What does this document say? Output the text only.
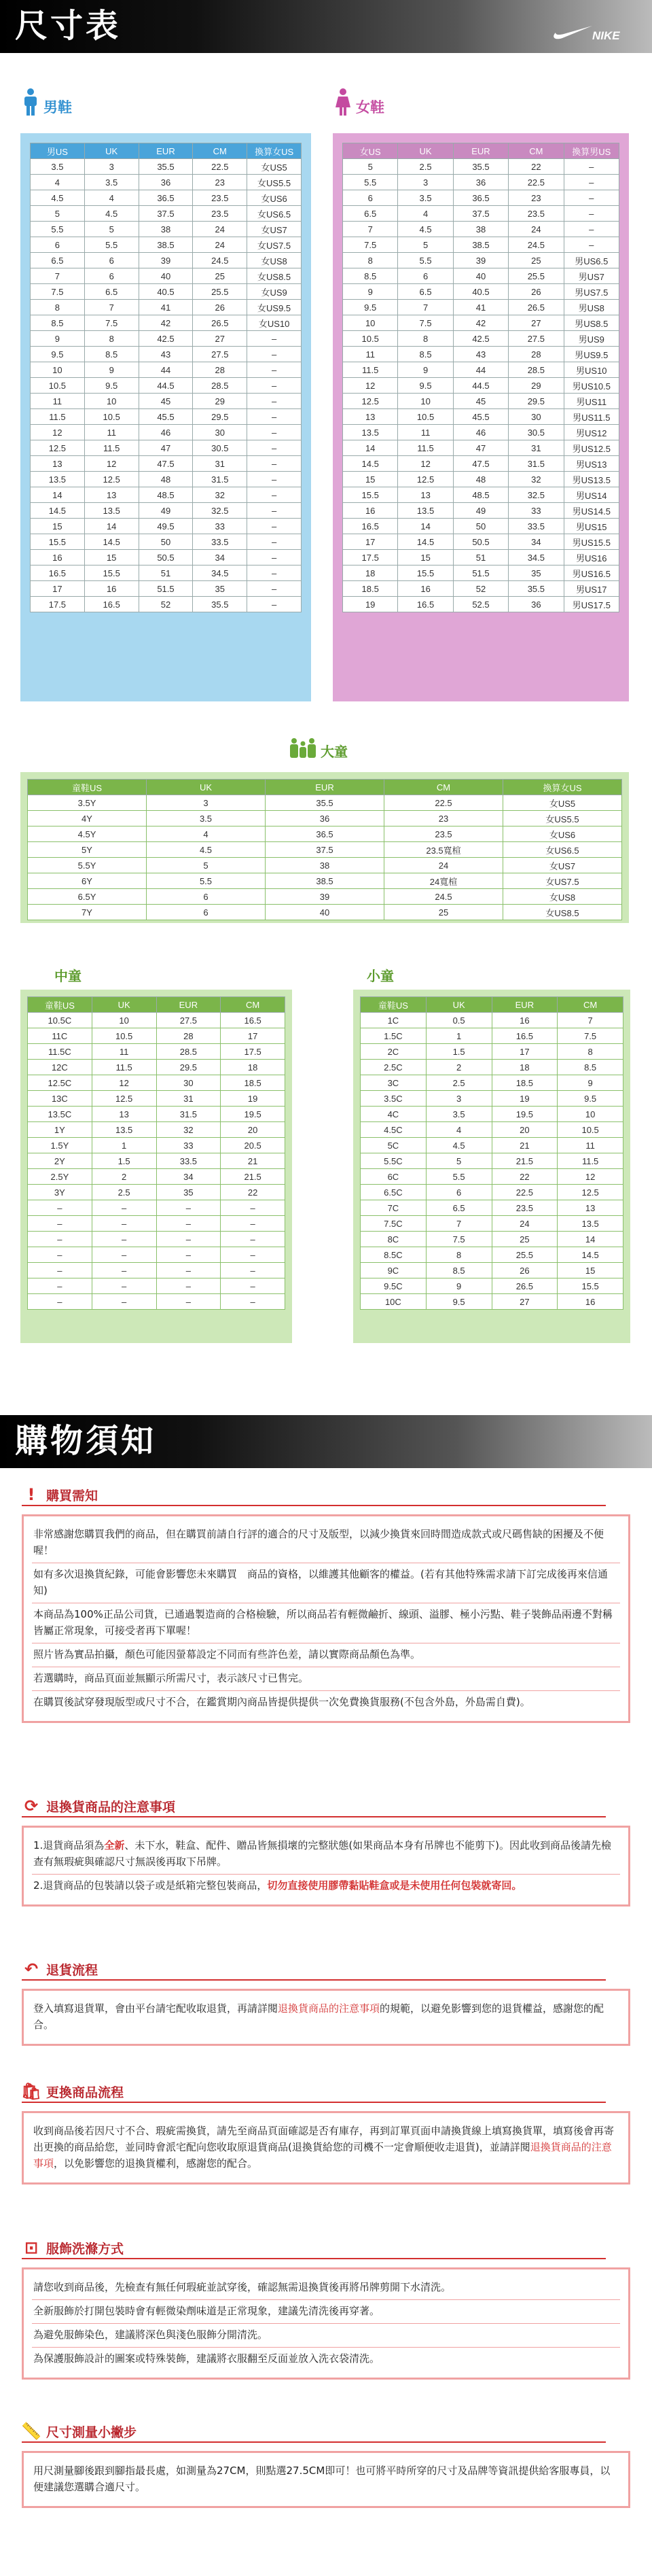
尺寸表	NIKE
男鞋	女鞋
男US	UK	EUR	CM	換算女US
3.5	3	35.5	22.5	女US5
4	3.5	36	23	女US5.5
4.5	4	36.5	23.5	女US6
5	4.5	37.5	23.5	女US6.5
5.5	5	38	24	女US7
6	5.5	38.5	24	女US7.5
6.5	6	39	24.5	女US8
7	6	40	25	女US8.5
7.5	6.5	40.5	25.5	女US9
8	7	41	26	女US9.5
8.5	7.5	42	26.5	女US10
9	8	42.5	27	–
9.5	8.5	43	27.5	–
10	9	44	28	–
10.5	9.5	44.5	28.5	–
11	10	45	29	–
11.5	10.5	45.5	29.5	–
12	11	46	30	–
12.5	11.5	47	30.5	–
13	12	47.5	31	–
13.5	12.5	48	31.5	–
14	13	48.5	32	–
14.5	13.5	49	32.5	–
15	14	49.5	33	–
15.5	14.5	50	33.5	–
16	15	50.5	34	–
16.5	15.5	51	34.5	–
17	16	51.5	35	–
17.5	16.5	52	35.5	–
女US	UK	EUR	CM	換算男US
5	2.5	35.5	22	–
5.5	3	36	22.5	–
6	3.5	36.5	23	–
6.5	4	37.5	23.5	–
7	4.5	38	24	–
7.5	5	38.5	24.5	–
8	5.5	39	25	男US6.5
8.5	6	40	25.5	男US7
9	6.5	40.5	26	男US7.5
9.5	7	41	26.5	男US8
10	7.5	42	27	男US8.5
10.5	8	42.5	27.5	男US9
11	8.5	43	28	男US9.5
11.5	9	44	28.5	男US10
12	9.5	44.5	29	男US10.5
12.5	10	45	29.5	男US11
13	10.5	45.5	30	男US11.5
13.5	11	46	30.5	男US12
14	11.5	47	31	男US12.5
14.5	12	47.5	31.5	男US13
15	12.5	48	32	男US13.5
15.5	13	48.5	32.5	男US14
16	13.5	49	33	男US14.5
16.5	14	50	33.5	男US15
17	14.5	50.5	34	男US15.5
17.5	15	51	34.5	男US16
18	15.5	51.5	35	男US16.5
18.5	16	52	35.5	男US17
19	16.5	52.5	36	男US17.5
大童
童鞋US	UK	EUR	CM	換算女US
3.5Y	3	35.5	22.5	女US5
4Y	3.5	36	23	女US5.5
4.5Y	4	36.5	23.5	女US6
5Y	4.5	37.5	23.5寬楦	女US6.5
5.5Y	5	38	24	女US7
6Y	5.5	38.5	24寬楦	女US7.5
6.5Y	6	39	24.5	女US8
7Y	6	40	25	女US8.5
中童	小童
童鞋US	UK	EUR	CM
10.5C	10	27.5	16.5
11C	10.5	28	17
11.5C	11	28.5	17.5
12C	11.5	29.5	18
12.5C	12	30	18.5
13C	12.5	31	19
13.5C	13	31.5	19.5
1Y	13.5	32	20
1.5Y	1	33	20.5
2Y	1.5	33.5	21
2.5Y	2	34	21.5
3Y	2.5	35	22
–	–	–	–
–	–	–	–
–	–	–	–
–	–	–	–
–	–	–	–
–	–	–	–
–	–	–	–
童鞋US	UK	EUR	CM
1C	0.5	16	7
1.5C	1	16.5	7.5
2C	1.5	17	8
2.5C	2	18	8.5
3C	2.5	18.5	9
3.5C	3	19	9.5
4C	3.5	19.5	10
4.5C	4	20	10.5
5C	4.5	21	11
5.5C	5	21.5	11.5
6C	5.5	22	12
6.5C	6	22.5	12.5
7C	6.5	23.5	13
7.5C	7	24	13.5
8C	7.5	25	14
8.5C	8	25.5	14.5
9C	8.5	26	15
9.5C	9	26.5	15.5
10C	9.5	27	16
購物須知
! 購買需知

非常感謝您購買我們的商品，但在購買前請自行評的適合的尺寸及版型，以減少換貨來回時間造成款式或尺碼售缺的困擾及不便喔！

如有多次退換貨紀錄，可能會影響您未來購買　商品的資格，以維護其他顧客的權益。(若有其他特殊需求請下訂完成後再來信通知)

本商品為100%正品公司貨，已通過製造商的合格檢驗，所以商品若有輕微鹼折、線頭、溢膠、極小污點、鞋子裝飾品兩邊不對稱皆屬正常現象，可接受者再下單喔！

照片皆為實品拍攝，顏色可能因螢幕設定不同而有些許色差，請以實際商品顏色為準。

若選購時，商品頁面並無顯示所需尺寸，表示該尺寸已售完。

在購買後試穿發現版型或尺寸不合，在鑑賞期內商品皆提供提供一次免費換貨服務(不包含外島，外島需自費)。

⟳ 退換貨商品的注意事項

1.退貨商品須為全新、未下水，鞋盒、配件、贈品皆無損壞的完整狀態(如果商品本身有吊牌也不能剪下)。因此收到商品後請先檢查有無瑕疵與確認尺寸無誤後再取下吊牌。

2.退貨商品的包裝請以袋子或是紙箱完整包裝商品，切勿直接使用膠帶黏貼鞋盒或是未使用任何包裝就寄回。

↶ 退貨流程

登入填寫退貨單，會由平台請宅配收取退貨，再請詳閱退換貨商品的注意事項的規範，以避免影響到您的退貨權益，感謝您的配合。

🛍 更換商品流程

收到商品後若因尺寸不合、瑕疵需換貨，請先至商品頁面確認是否有庫存，再到訂單頁面申請換貨線上填寫換貨單，填寫後會再寄出更換的商品給您，並同時會派宅配向您收取原退貨商品(退換貨給您的司機不一定會順便收走退貨)，並請詳閱退換貨商品的注意事項，以免影響您的退換貨權利，感謝您的配合。

⊡ 服飾洗滌方式

請您收到商品後，先檢查有無任何瑕疵並試穿後，確認無需退換貨後再將吊牌剪開下水清洗。

全新服飾於打開包裝時會有輕微染劑味道是正常現象，建議先清洗後再穿著。

為避免服飾染色，建議將深色與淺色服飾分開清洗。

為保護服飾設計的圖案或特殊裝飾，建議將衣服翻至反面並放入洗衣袋清洗。

📏 尺寸測量小撇步

用尺測量腳後跟到腳指最長處，如測量為27CM，則點選27.5CM即可！也可將平時所穿的尺寸及品牌等資訊提供給客服專員，以便建議您選購合適尺寸。
